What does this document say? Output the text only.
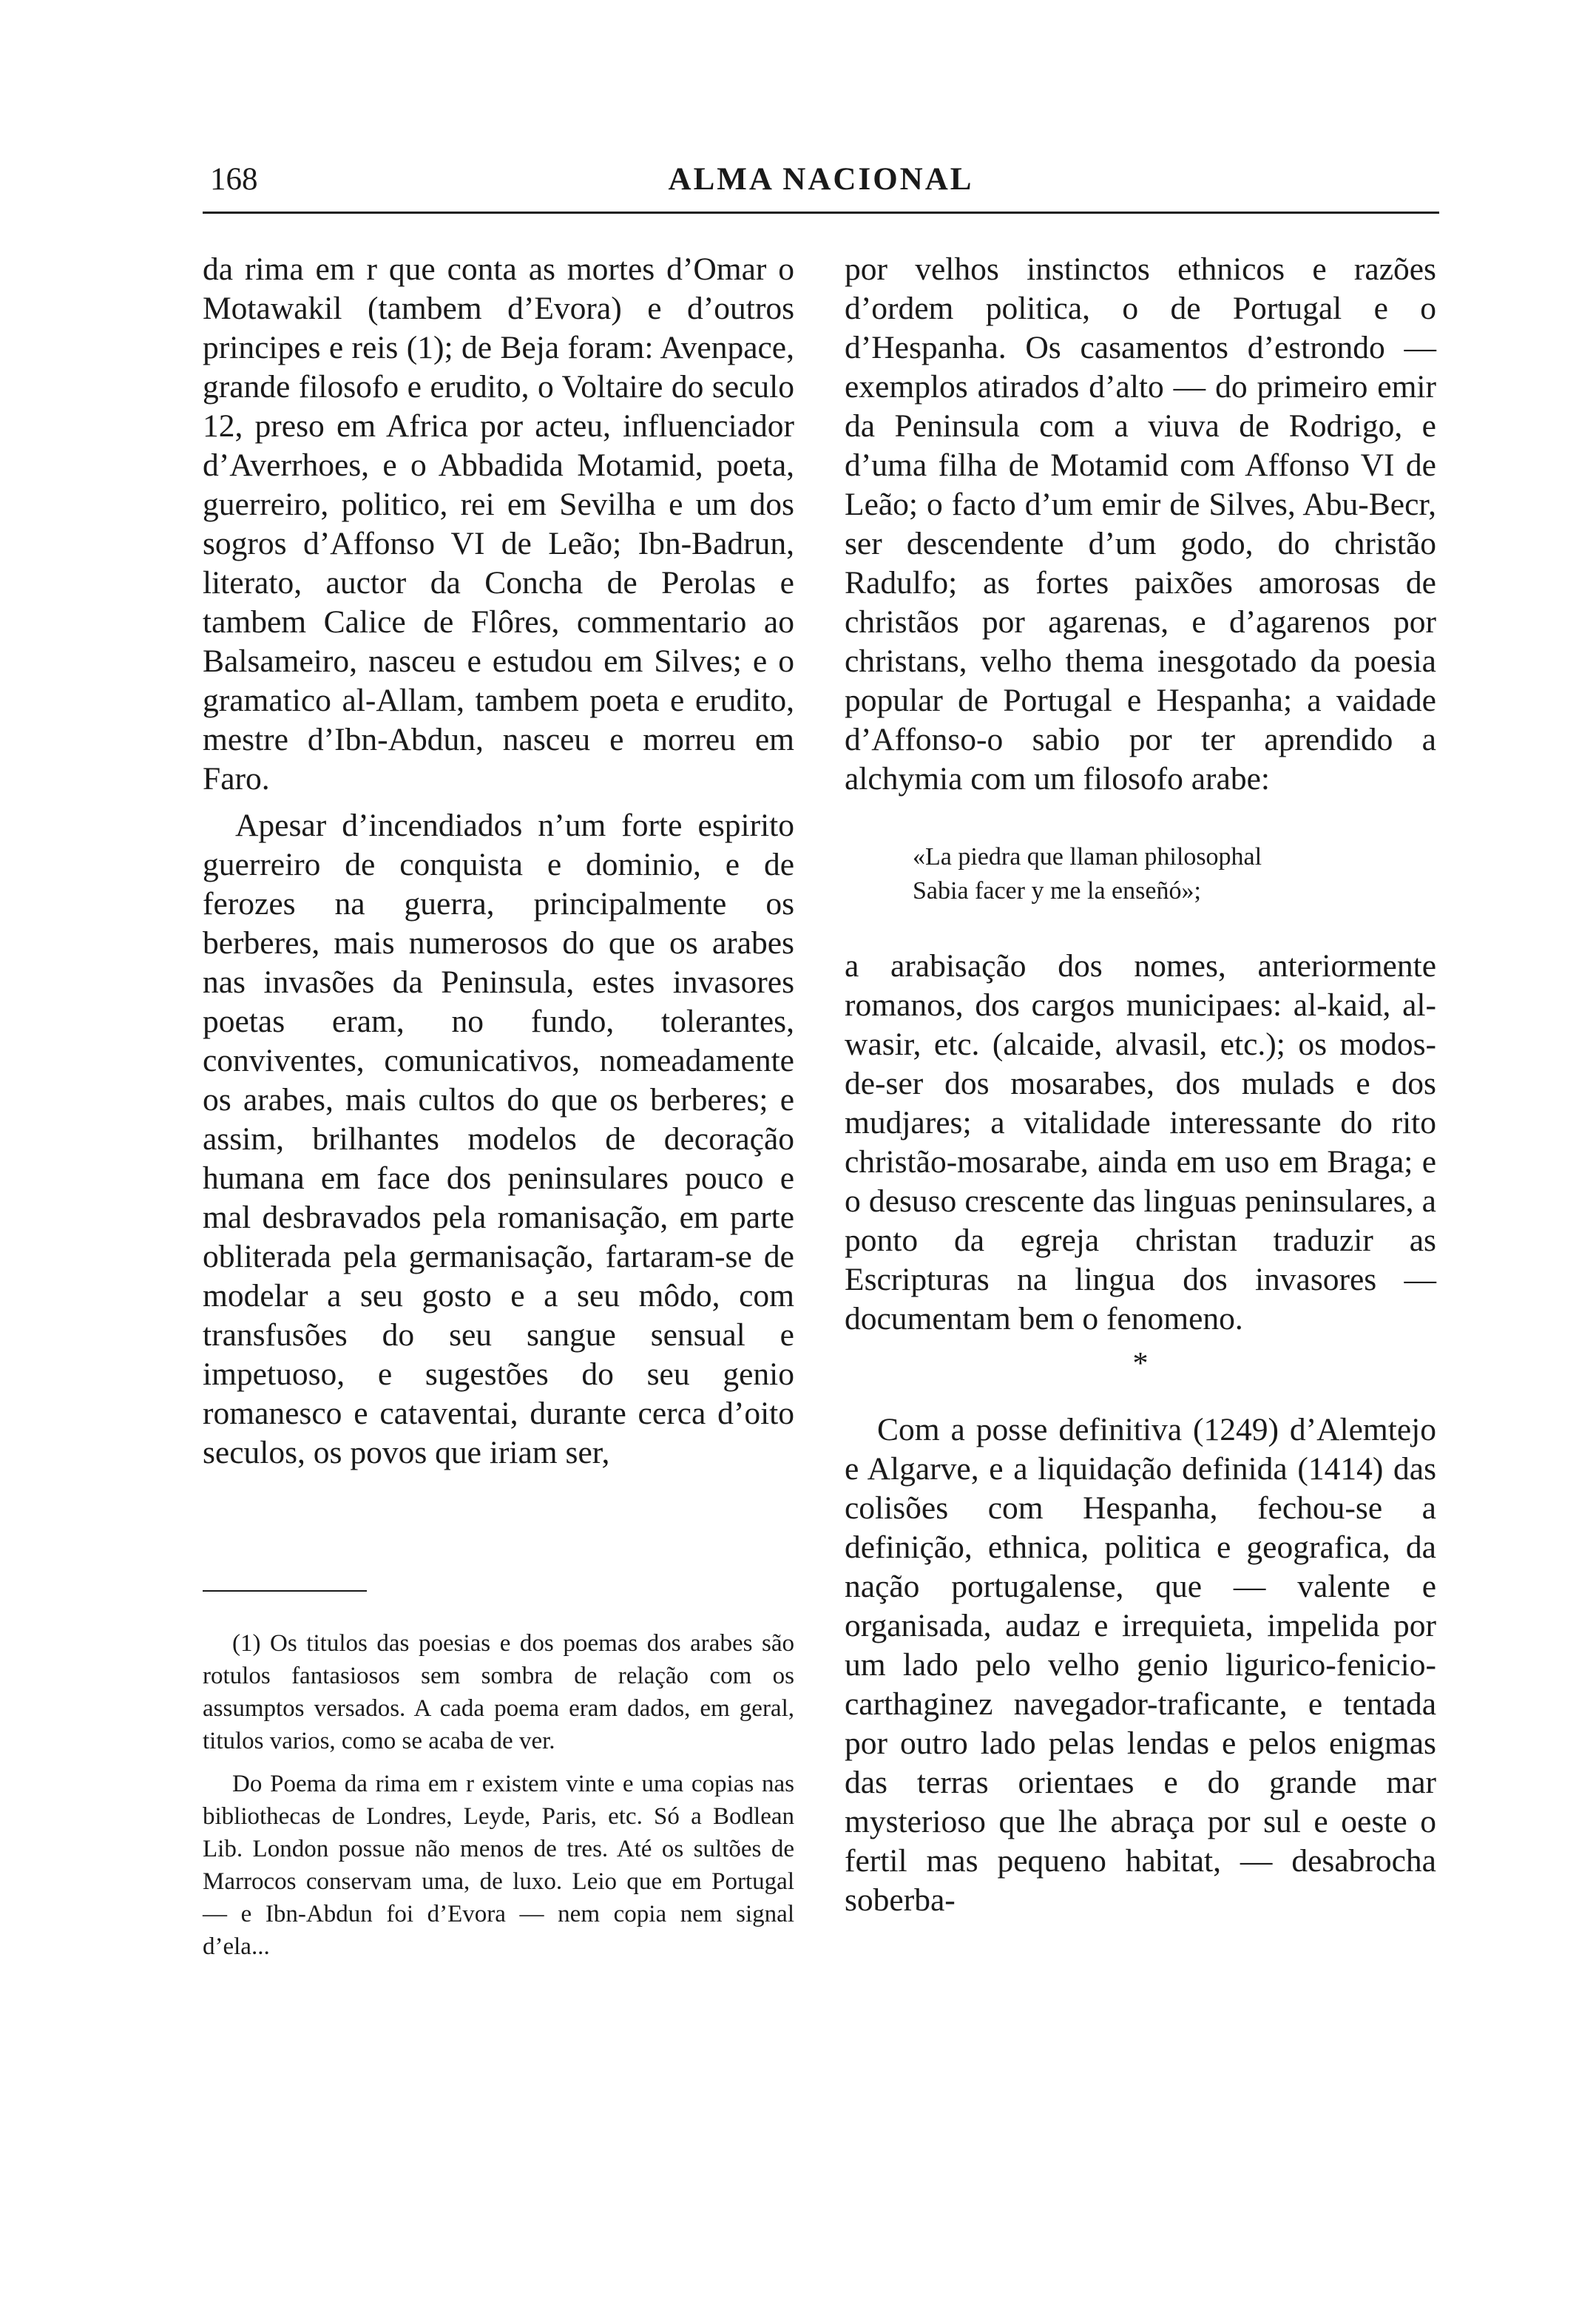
168	ALMA NACIONAL

da rima em r que conta as mortes d’Omar o Motawakil (tambem d’Evora) e d’outros principes e reis (1); de Beja foram: Avenpace, grande filosofo e erudito, o Voltaire do seculo 12, preso em Africa por acteu, influenciador d’Averrhoes, e o Abbadida Motamid, poeta, guerreiro, politico, rei em Sevilha e um dos sogros d’Affonso VI de Leão; Ibn-Badrun, literato, auctor da Concha de Perolas e tambem Calice de Flôres, commentario ao Balsameiro, nasceu e estudou em Silves; e o gramatico al-Allam, tambem poeta e erudito, mestre d’Ibn-Abdun, nasceu e morreu em Faro.

Apesar d’incendiados n’um forte espirito guerreiro de conquista e dominio, e de ferozes na guerra, principalmente os berberes, mais numerosos do que os arabes nas invasões da Peninsula, estes invasores poetas eram, no fundo, tolerantes, conviventes, comunicativos, nomeadamente os arabes, mais cultos do que os berberes; e assim, brilhantes modelos de decoração humana em face dos peninsulares pouco e mal desbravados pela romanisação, em parte obliterada pela germanisação, fartaram-se de modelar a seu gosto e a seu môdo, com transfusões do seu sangue sensual e impetuoso, e sugestões do seu genio romanesco e cataventai, durante cerca d’oito seculos, os povos que iriam ser,

(1) Os titulos das poesias e dos poemas dos arabes são rotulos fantasiosos sem sombra de relação com os assumptos versados. A cada poema eram dados, em geral, titulos varios, como se acaba de ver.

Do Poema da rima em r existem vinte e uma copias nas bibliothecas de Londres, Leyde, Paris, etc. Só a Bodlean Lib. London possue não menos de tres. Até os sultões de Marrocos conservam uma, de luxo. Leio que em Portugal — e Ibn-Abdun foi d’Evora — nem copia nem signal d’ela...

por velhos instinctos ethnicos e razões d’ordem politica, o de Portugal e o d’Hespanha. Os casamentos d’estrondo — exemplos atirados d’alto — do primeiro emir da Peninsula com a viuva de Rodrigo, e d’uma filha de Motamid com Affonso VI de Leão; o facto d’um emir de Silves, Abu-Becr, ser descendente d’um godo, do christão Radulfo; as fortes paixões amorosas de christãos por agarenas, e d’agarenos por christans, velho thema inesgotado da poesia popular de Portugal e Hespanha; a vaidade d’Affonso-o sabio por ter aprendido a alchymia com um filosofo arabe:

«La piedra que llaman philosophal
Sabia facer y me la enseñó»;

a arabisação dos nomes, anteriormente romanos, dos cargos municipaes: al-kaid, al-wasir, etc. (alcaide, alvasil, etc.); os modos-de-ser dos mosarabes, dos mulads e dos mudjares; a vitalidade interessante do rito christão-mosarabe, ainda em uso em Braga; e o desuso crescente das linguas peninsulares, a ponto da egreja christan traduzir as Escripturas na lingua dos invasores — documentam bem o fenomeno.

*

Com a posse definitiva (1249) d’Alemtejo e Algarve, e a liquidação definida (1414) das colisões com Hespanha, fechou-se a definição, ethnica, politica e geografica, da nação portugalense, que — valente e organisada, audaz e irrequieta, impelida por um lado pelo velho genio ligurico-fenicio-carthaginez navegador-traficante, e tentada por outro lado pelas lendas e pelos enigmas das terras orientaes e do grande mar mysterioso que lhe abraça por sul e oeste o fertil mas pequeno habitat, — desabrocha soberba-
